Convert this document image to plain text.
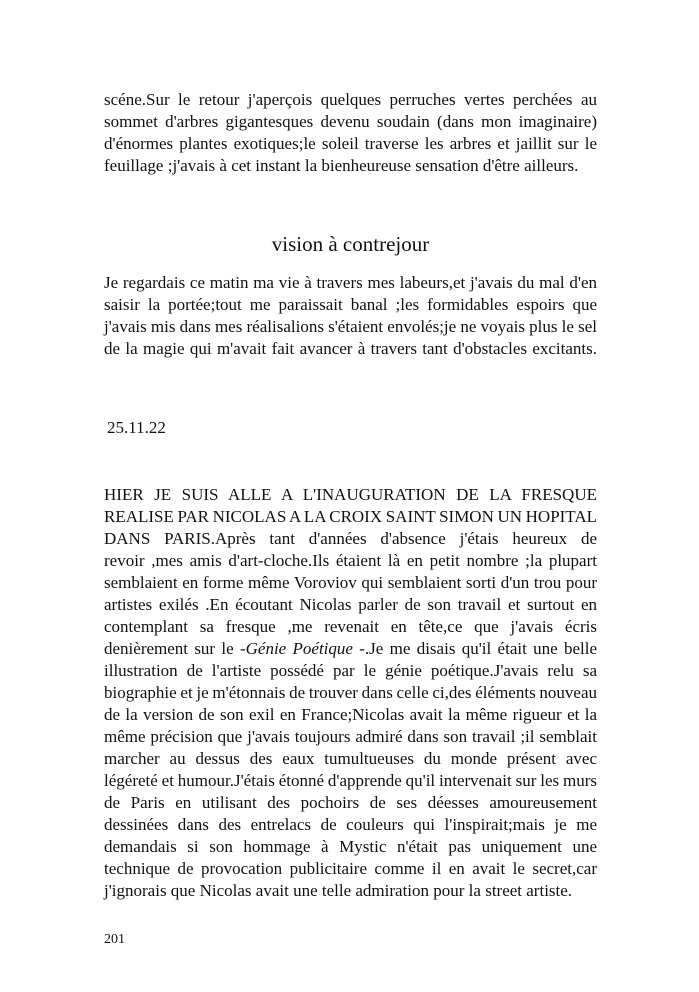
scéne.Sur le retour j'aperçois quelques perruches vertes perchées au
sommet d'arbres gigantesques devenu soudain (dans mon imaginaire)
d'énormes plantes exotiques;le soleil traverse les arbres et jaillit sur le
feuillage ;j'avais à cet instant la bienheureuse sensation d'être ailleurs.
vision à contrejour
Je regardais ce matin ma vie à travers mes labeurs,et j'avais du mal d'en
saisir la portée;tout me paraissait banal ;les formidables espoirs que
j'avais mis dans mes réalisalions s'étaient envolés;je ne voyais plus le sel
de la magie qui m'avait fait avancer à travers tant d'obstacles excitants.
25.11.22
HIER JE SUIS ALLE A L'INAUGURATION DE LA FRESQUE
REALISE PAR NICOLAS A LA CROIX SAINT SIMON UN HOPITAL
DANS PARIS.Après tant d'années d'absence j'étais heureux de
revoir ,mes amis d'art-cloche.Ils étaient là en petit nombre ;la plupart
semblaient en forme même Voroviov qui semblaient sorti d'un trou pour
artistes exilés .En écoutant Nicolas parler de son travail et surtout en
contemplant sa fresque ,me revenait en tête,ce que j'avais écris
denièrement sur le -Génie Poétique -.Je me disais qu'il était une belle
illustration de l'artiste possédé par le génie poétique.J'avais relu sa
biographie et je m'étonnais de trouver dans celle ci,des éléments nouveau
de la version de son exil en France;Nicolas avait la même rigueur et la
même précision que j'avais toujours admiré dans son travail ;il semblait
marcher au dessus des eaux tumultueuses du monde présent avec
légéreté et humour.J'étais étonné d'apprende qu'il intervenait sur les murs
de Paris en utilisant des pochoirs de ses déesses amoureusement
dessinées dans des entrelacs de couleurs qui l'inspirait;mais je me
demandais si son hommage à Mystic n'était pas uniquement une
technique de provocation publicitaire comme il en avait le secret,car
j'ignorais que Nicolas avait une telle admiration pour la street artiste.
201
